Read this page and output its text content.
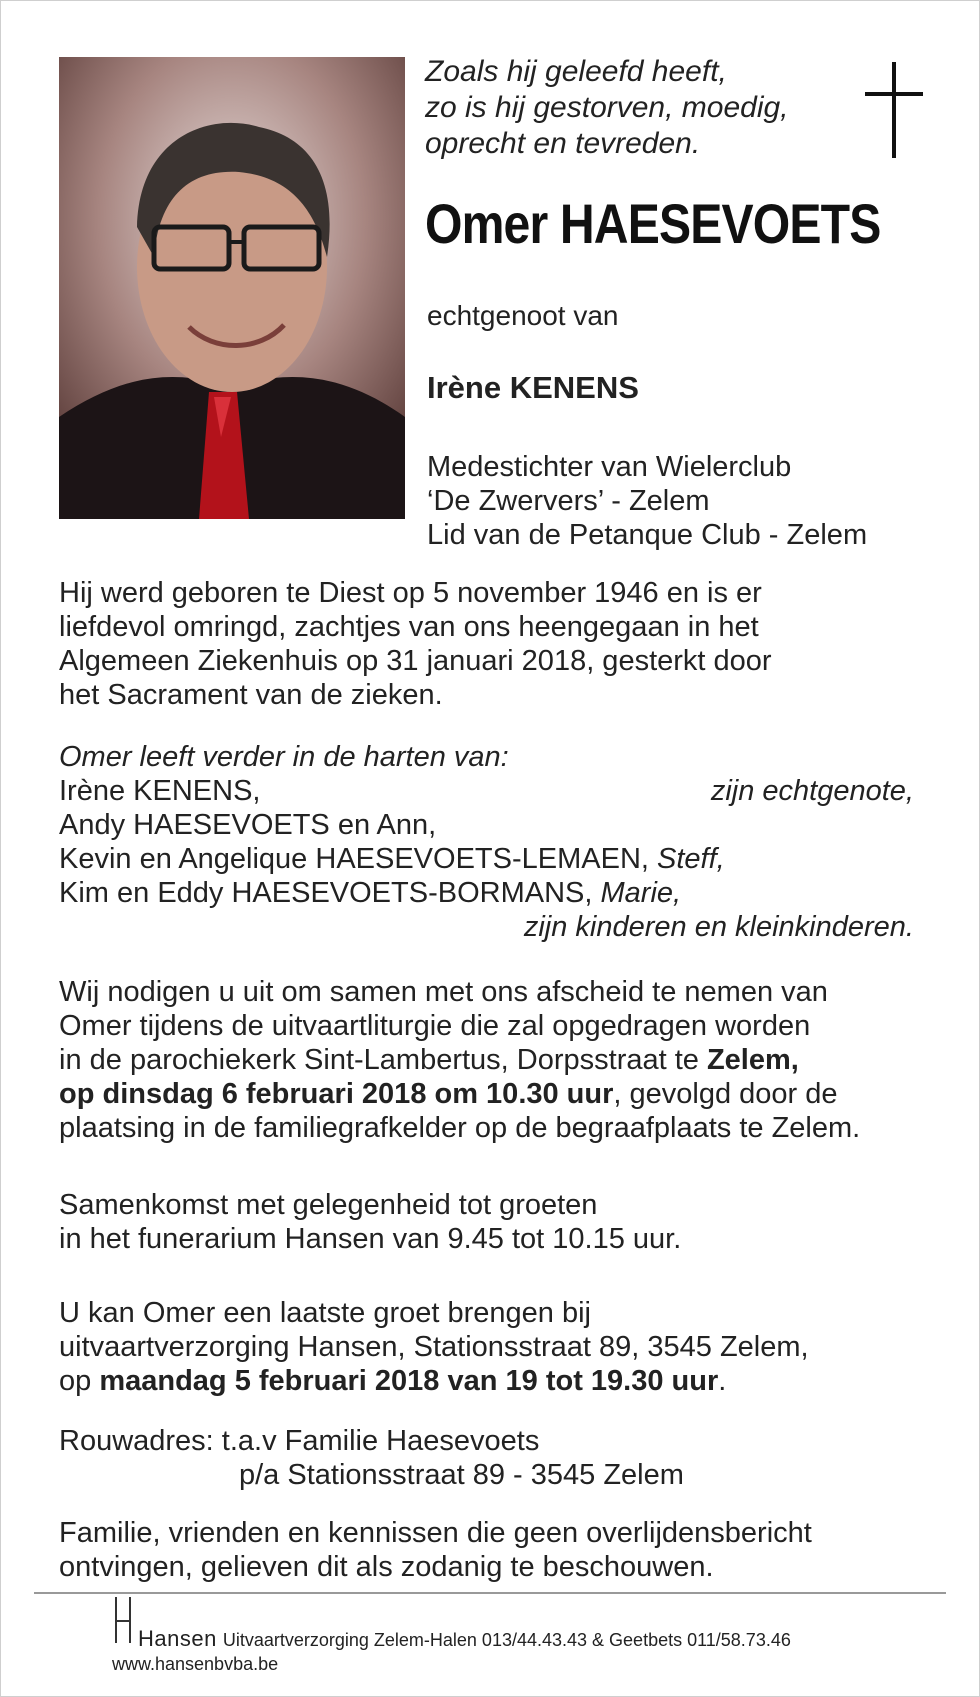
Zoals hij geleefd heeft,
zo is hij gestorven, moedig,
oprecht en tevreden.
Omer HAESEVOETS
echtgenoot van
Irène KENENS
Medestichter van Wielerclub
‘De Zwervers’ - Zelem
Lid van de Petanque Club - Zelem
Hij werd geboren te Diest op 5 november 1946 en is er
liefdevol omringd, zachtjes van ons heengegaan in het
Algemeen Ziekenhuis op 31 januari 2018, gesterkt door
het Sacrament van de zieken.
Omer leeft verder in de harten van:
Irène KENENS,	zijn echtgenote,
Andy HAESEVOETS en Ann,
Kevin en Angelique HAESEVOETS-LEMAEN, Steff,
Kim en Eddy HAESEVOETS-BORMANS, Marie,
zijn kinderen en kleinkinderen.
Wij nodigen u uit om samen met ons afscheid te nemen van
Omer tijdens de uitvaartliturgie die zal opgedragen worden
in de parochiekerk Sint-Lambertus, Dorpsstraat te Zelem,
op dinsdag 6 februari 2018 om 10.30 uur, gevolgd door de
plaatsing in de familiegrafkelder op de begraafplaats te Zelem.
Samenkomst met gelegenheid tot groeten
in het funerarium Hansen van 9.45 tot 10.15 uur.
U kan Omer een laatste groet brengen bij
uitvaartverzorging Hansen, Stationsstraat 89, 3545 Zelem,
op maandag 5 februari 2018 van 19 tot 19.30 uur.
Rouwadres: t.a.v Familie Haesevoets
p/a Stationsstraat 89 - 3545 Zelem
Familie, vrienden en kennissen die geen overlijdensbericht
ontvingen, gelieven dit als zodanig te beschouwen.
Hansen Uitvaartverzorging Zelem-Halen 013/44.43.43 & Geetbets 011/58.73.46
www.hansenbvba.be
